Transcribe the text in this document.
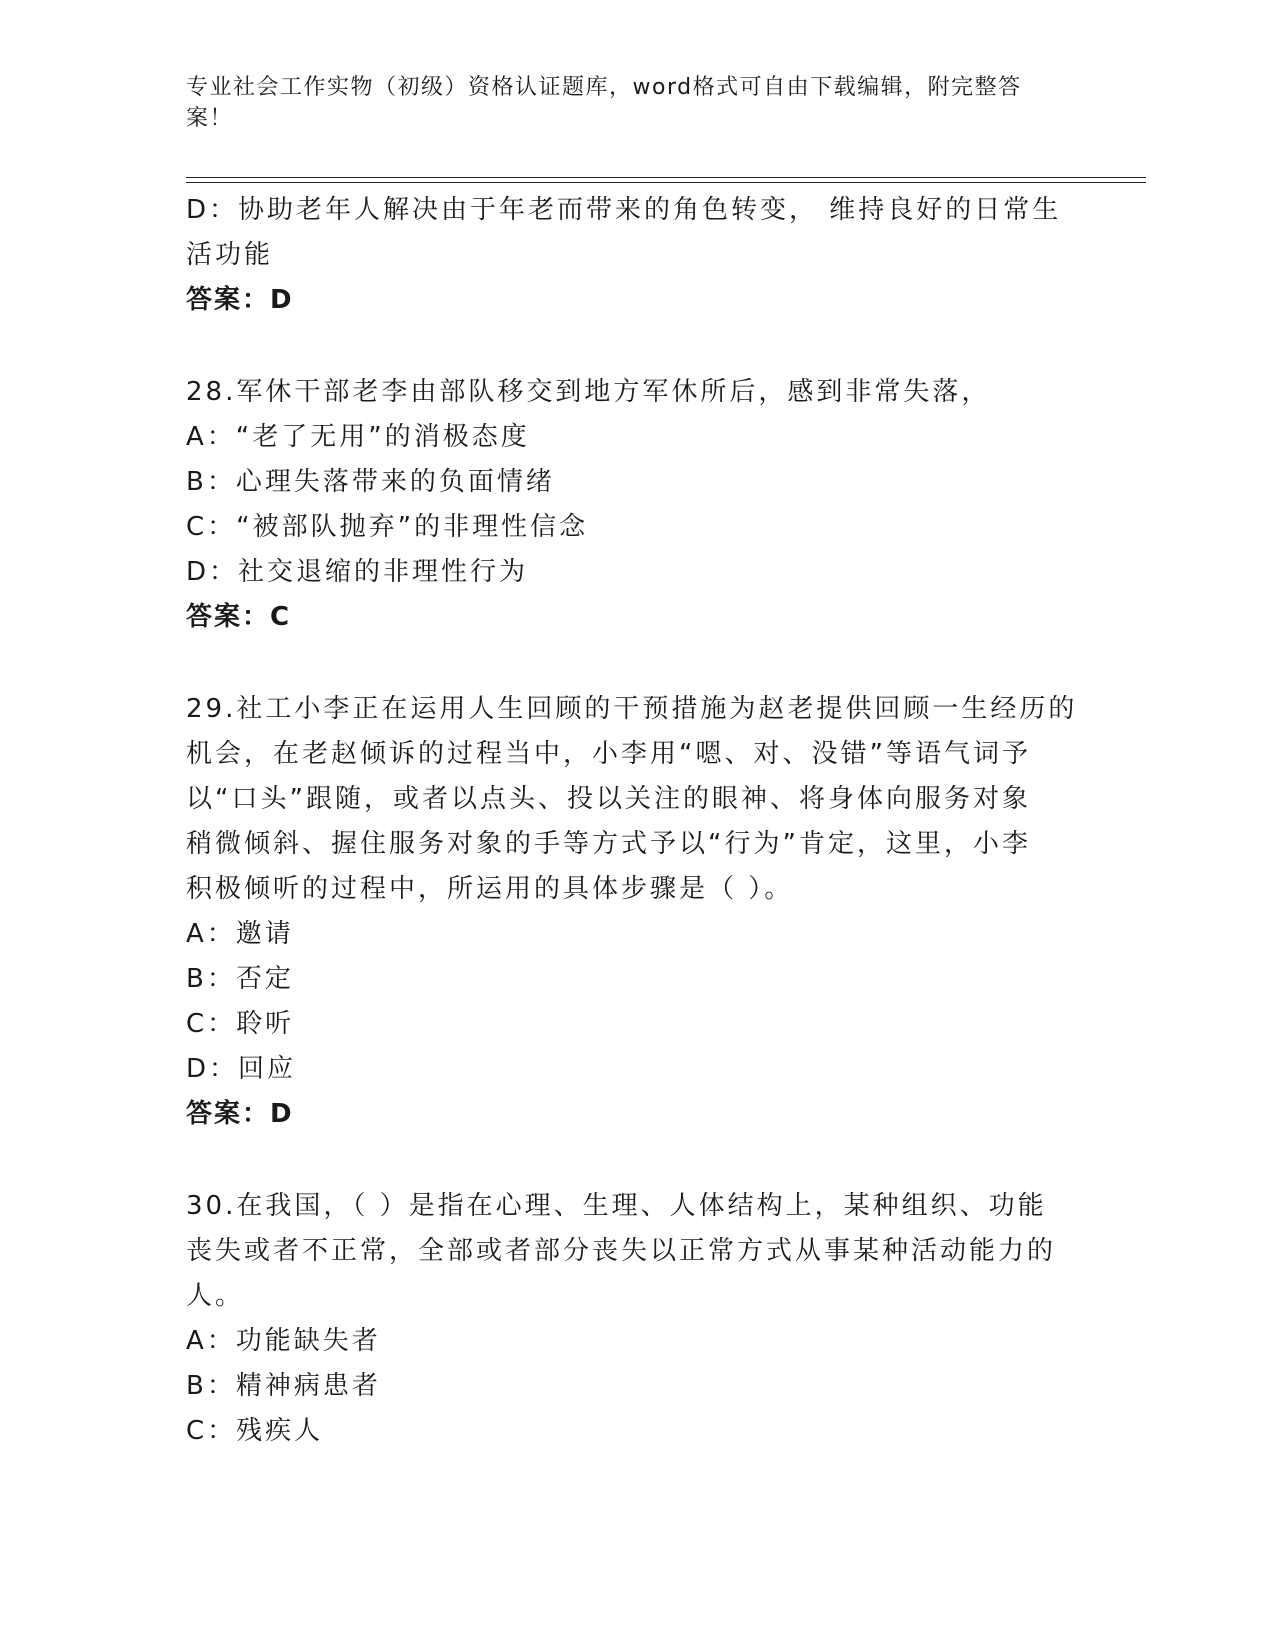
专业社会工作实物（初级）资格认证题库，word格式可自由下载编辑，附完整答
案！
D：协助老年人解决由于年老而带来的角色转变， 维持良好的日常生
活功能
答案：D
28.军休干部老李由部队移交到地方军休所后，感到非常失落，
A：“老了无用”的消极态度
B：心理失落带来的负面情绪
C：“被部队抛弃”的非理性信念
D：社交退缩的非理性行为
答案：C
29.社工小李正在运用人生回顾的干预措施为赵老提供回顾一生经历的
机会，在老赵倾诉的过程当中，小李用“嗯、对、没错”等语气词予
以“口头”跟随，或者以点头、投以关注的眼神、将身体向服务对象
稍微倾斜、握住服务对象的手等方式予以“行为”肯定，这里，小李
积极倾听的过程中，所运用的具体步骤是（ ）。
A：邀请
B：否定
C：聆听
D：回应
答案：D
30.在我国，（ ）是指在心理、生理、人体结构上，某种组织、功能
丧失或者不正常，全部或者部分丧失以正常方式从事某种活动能力的
人。
A：功能缺失者
B：精神病患者
C：残疾人
